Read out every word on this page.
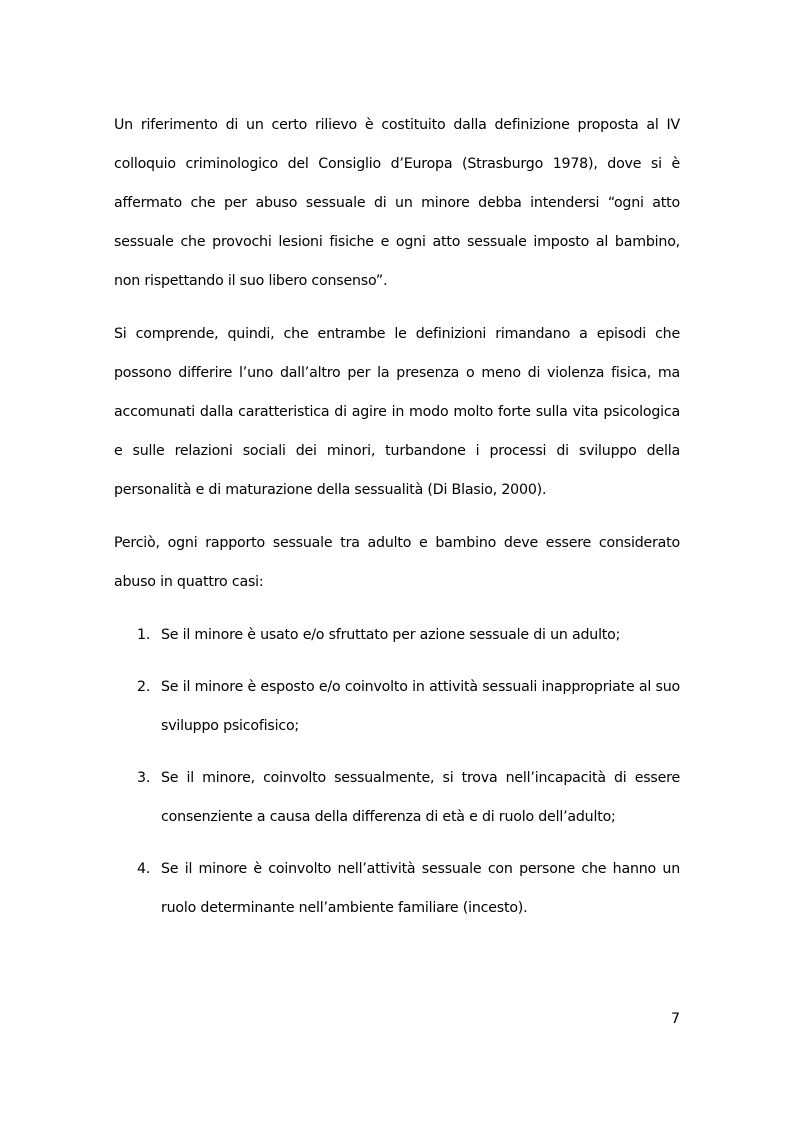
Un riferimento di un certo rilievo è costituito dalla definizione proposta al IV colloquio criminologico del Consiglio d’Europa (Strasburgo 1978), dove si è affermato che per abuso sessuale di un minore debba intendersi “ogni atto sessuale che provochi lesioni fisiche e ogni atto sessuale imposto al bambino, non rispettando il suo libero consenso”.

Si comprende, quindi, che entrambe le definizioni rimandano a episodi che possono differire l’uno dall’altro per la presenza o meno di violenza fisica, ma accomunati dalla caratteristica di agire in modo molto forte sulla vita psicologica e sulle relazioni sociali dei minori, turbandone i processi di sviluppo della personalità e di maturazione della sessualità (Di Blasio, 2000).

Perciò, ogni rapporto sessuale tra adulto e bambino deve essere considerato abuso in quattro casi:

1. Se il minore è usato e/o sfruttato per azione sessuale di un adulto;
2. Se il minore è esposto e/o coinvolto in attività sessuali inappropriate al suo sviluppo psicofisico;
3. Se il minore, coinvolto sessualmente, si trova nell’incapacità di essere consenziente a causa della differenza di età e di ruolo dell’adulto;
4. Se il minore è coinvolto nell’attività sessuale con persone che hanno un ruolo determinante nell’ambiente familiare (incesto).
7
